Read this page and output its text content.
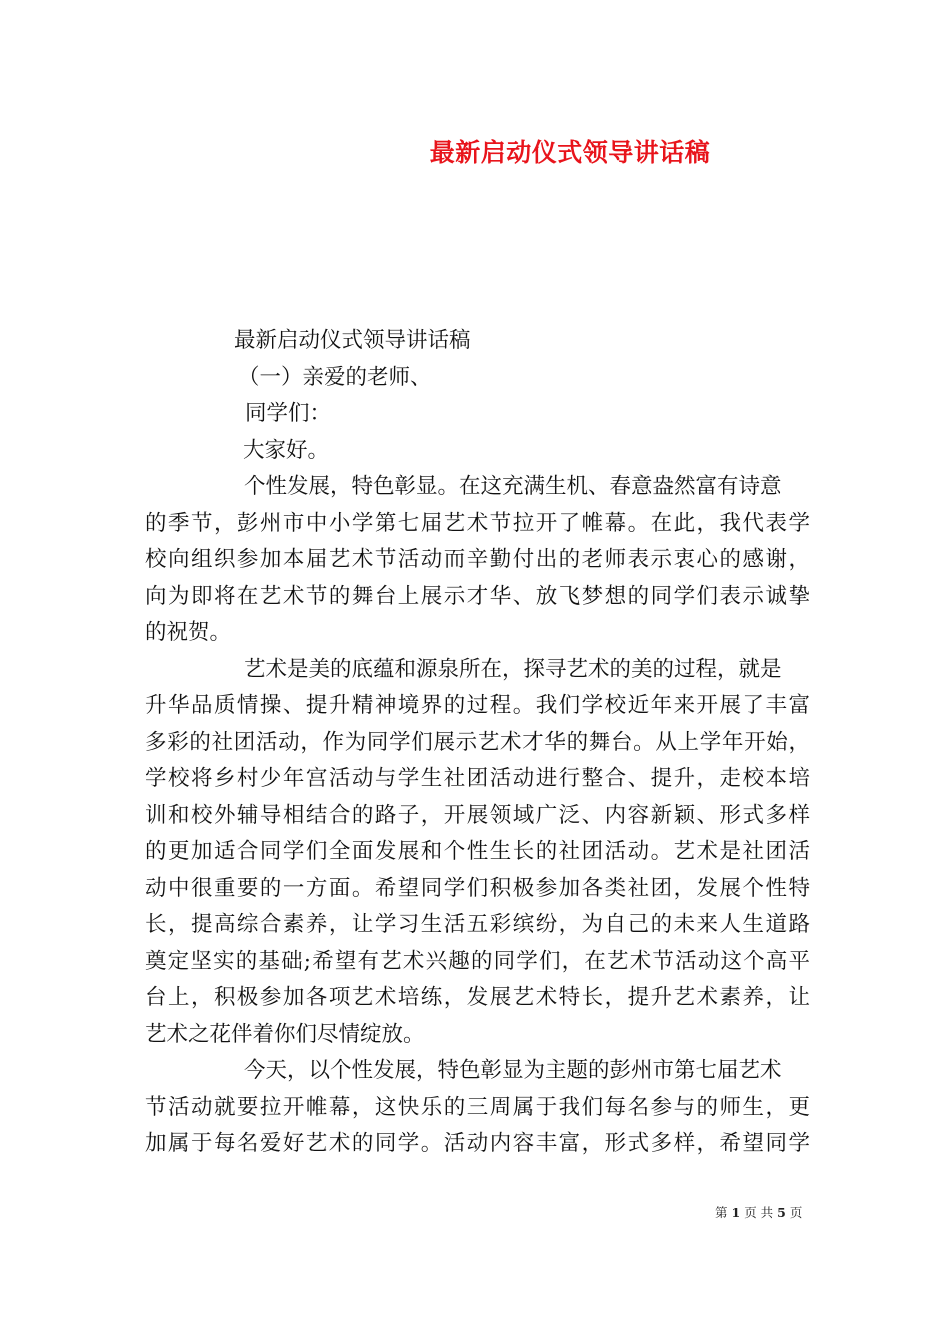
最新启动仪式领导讲话稿
最新启动仪式领导讲话稿
（一）亲爱的老师、
同学们：
大家好。
个性发展，特色彰显。在这充满生机、春意盎然富有诗意
的季节，彭州市中小学第七届艺术节拉开了帷幕。在此，我代表学
校向组织参加本届艺术节活动而辛勤付出的老师表示衷心的感谢，
向为即将在艺术节的舞台上展示才华、放飞梦想的同学们表示诚挚
的祝贺。
艺术是美的底蕴和源泉所在，探寻艺术的美的过程，就是
升华品质情操、提升精神境界的过程。我们学校近年来开展了丰富
多彩的社团活动，作为同学们展示艺术才华的舞台。从上学年开始，
学校将乡村少年宫活动与学生社团活动进行整合、提升，走校本培
训和校外辅导相结合的路子，开展领域广泛、内容新颖、形式多样
的更加适合同学们全面发展和个性生长的社团活动。艺术是社团活
动中很重要的一方面。希望同学们积极参加各类社团，发展个性特
长，提高综合素养，让学习生活五彩缤纷，为自己的未来人生道路
奠定坚实的基础;希望有艺术兴趣的同学们，在艺术节活动这个高平
台上，积极参加各项艺术培练，发展艺术特长，提升艺术素养，让
艺术之花伴着你们尽情绽放。
今天，以个性发展，特色彰显为主题的彭州市第七届艺术
节活动就要拉开帷幕，这快乐的三周属于我们每名参与的师生，更
加属于每名爱好艺术的同学。活动内容丰富，形式多样，希望同学
第 1 页 共 5 页
